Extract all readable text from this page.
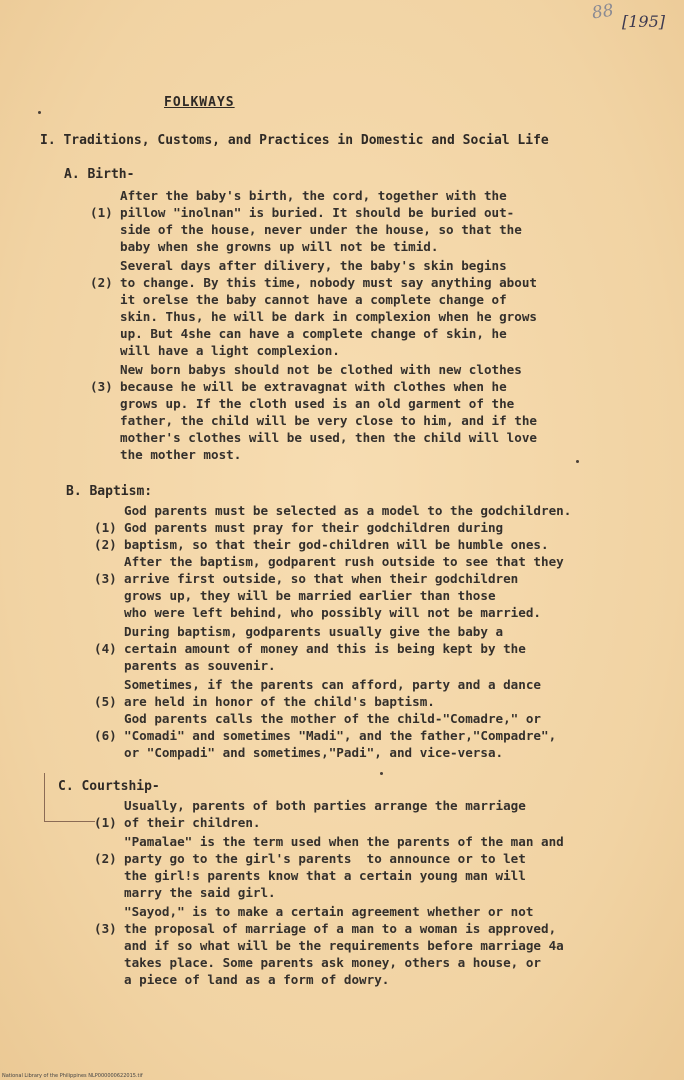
88 [195]
FOLKWAYS
I. Traditions, Customs, and Practices in Domestic and Social Life
A. Birth-

(1)

After the baby's birth, the cord, together with the

pillow "inolnan" is buried. It should be buried out-

side of the house, never under the house, so that the

baby when she growns up will not be timid.

(2)

Several days after dilivery, the baby's skin begins

to change. By this time, nobody must say anything about

it orelse the baby cannot have a complete change of

skin. Thus, he will be dark in complexion when he grows

up. But 4she can have a complete change of skin, he

will have a light complexion.

(3)

New born babys should not be clothed with new clothes

because he will be extravagnat with clothes when he

grows up. If the cloth used is an old garment of the

father, the child will be very close to him, and if the

mother's clothes will be used, then the child will love

the mother most.

B. Baptism:

(1)

God parents must be selected as a model to the godchildren.

(2)

God parents must pray for their godchildren during

baptism, so that their god-children will be humble ones.

(3)

After the baptism, godparent rush outside to see that they

arrive first outside, so that when their godchildren

grows up, they will be married earlier than those

who were left behind, who possibly will not be married.

(4)

During baptism, godparents usually give the baby a

certain amount of money and this is being kept by the

parents as souvenir.

(5)

Sometimes, if the parents can afford, party and a dance

are held in honor of the child's baptism.

(6)

God parents calls the mother of the child-"Comadre," or

"Comadi" and sometimes "Madi", and the father,"Compadre",

or "Compadi" and sometimes,"Padi", and vice-versa.

C. Courtship-

(1)

Usually, parents of both parties arrange the marriage

of their children.

(2)

"Pamalae" is the term used when the parents of the man and

party go to the girl's parents  to announce or to let

the girl!s parents know that a certain young man will

marry the said girl.

(3)

"Sayod," is to make a certain agreement whether or not

the proposal of marriage of a man to a woman is approved,

and if so what will be the requirements before marriage 4a

takes place. Some parents ask money, others a house, or

a piece of land as a form of dowry.

National Library of the Philippines NLP000000622015.tif
